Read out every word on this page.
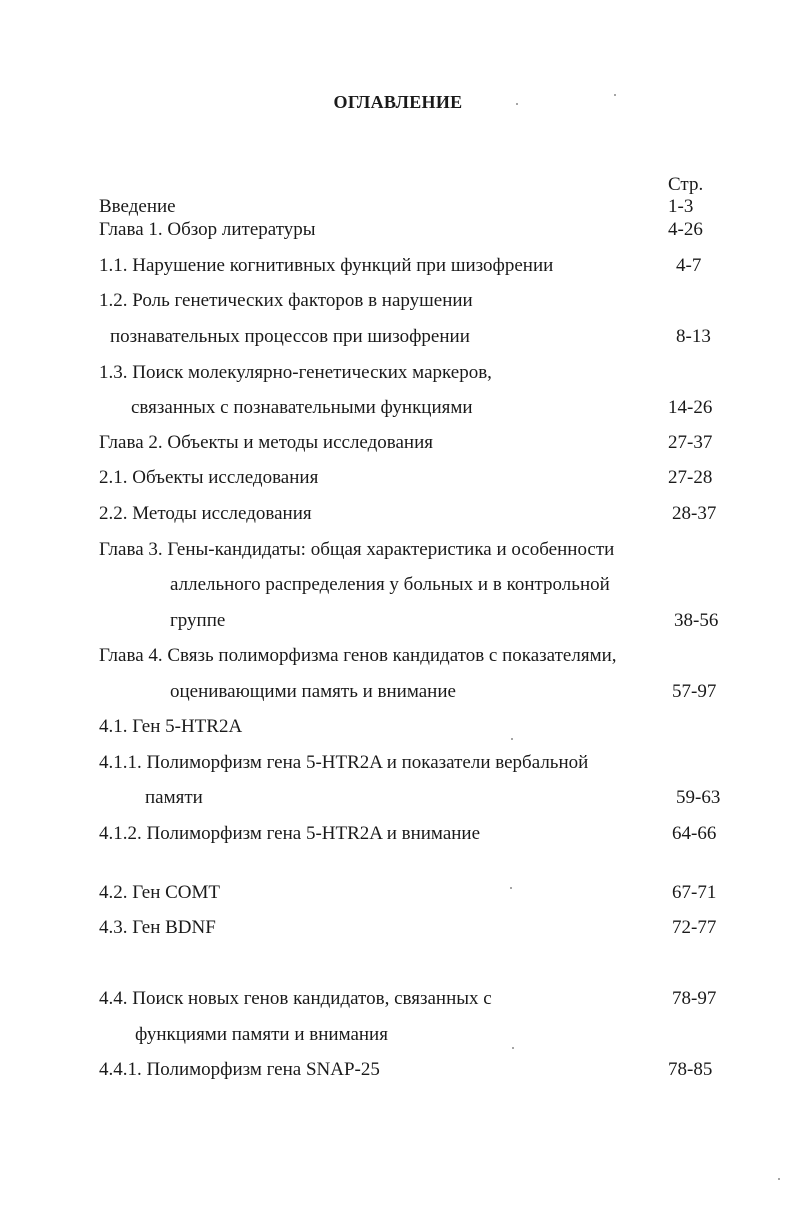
ОГЛАВЛЕНИЕ
Стр.
Введение	1-3
Глава 1. Обзор литературы	4-26
1.1. Нарушение когнитивных функций при шизофрении	4-7
1.2. Роль генетических факторов в нарушении
познавательных процессов при шизофрении	8-13
1.3. Поиск молекулярно-генетических маркеров,
связанных с познавательными функциями	14-26
Глава 2. Объекты и методы исследования	27-37
2.1. Объекты исследования	27-28
2.2. Методы исследования	28-37
Глава 3. Гены-кандидаты: общая характеристика и особенности
аллельного распределения у больных и в контрольной
группе	38-56
Глава 4. Связь полиморфизма генов кандидатов с показателями,
оценивающими память и внимание	57-97
4.1. Ген 5-HTR2A
4.1.1. Полиморфизм гена 5-HTR2A и показатели вербальной
памяти	59-63
4.1.2. Полиморфизм гена 5-HTR2A и внимание	64-66
4.2. Ген COMT	67-71
4.3. Ген BDNF	72-77
4.4. Поиск новых генов кандидатов, связанных с	78-97
функциями памяти и внимания
4.4.1. Полиморфизм гена SNAP-25	78-85
